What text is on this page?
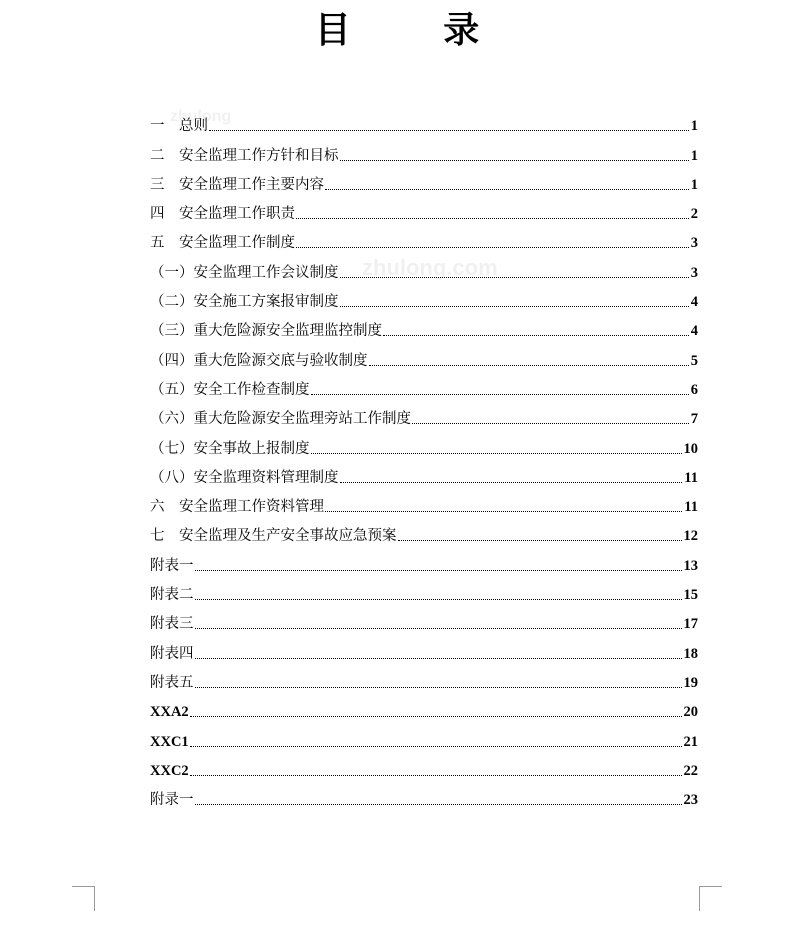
目 录
zhulong
zhulong.com
一　总则	1
二　安全监理工作方针和目标	1
三　安全监理工作主要内容	1
四　安全监理工作职责	2
五　安全监理工作制度	3
（一）安全监理工作会议制度	3
（二）安全施工方案报审制度	4
（三）重大危险源安全监理监控制度	4
（四）重大危险源交底与验收制度	5
（五）安全工作检查制度	6
（六）重大危险源安全监理旁站工作制度	7
（七）安全事故上报制度	10
（八）安全监理资料管理制度	11
六　安全监理工作资料管理	11
七　安全监理及生产安全事故应急预案	12
附表一	13
附表二	15
附表三	17
附表四	18
附表五	19
XXA2	20
XXC1	21
XXC2	22
附录一	23
